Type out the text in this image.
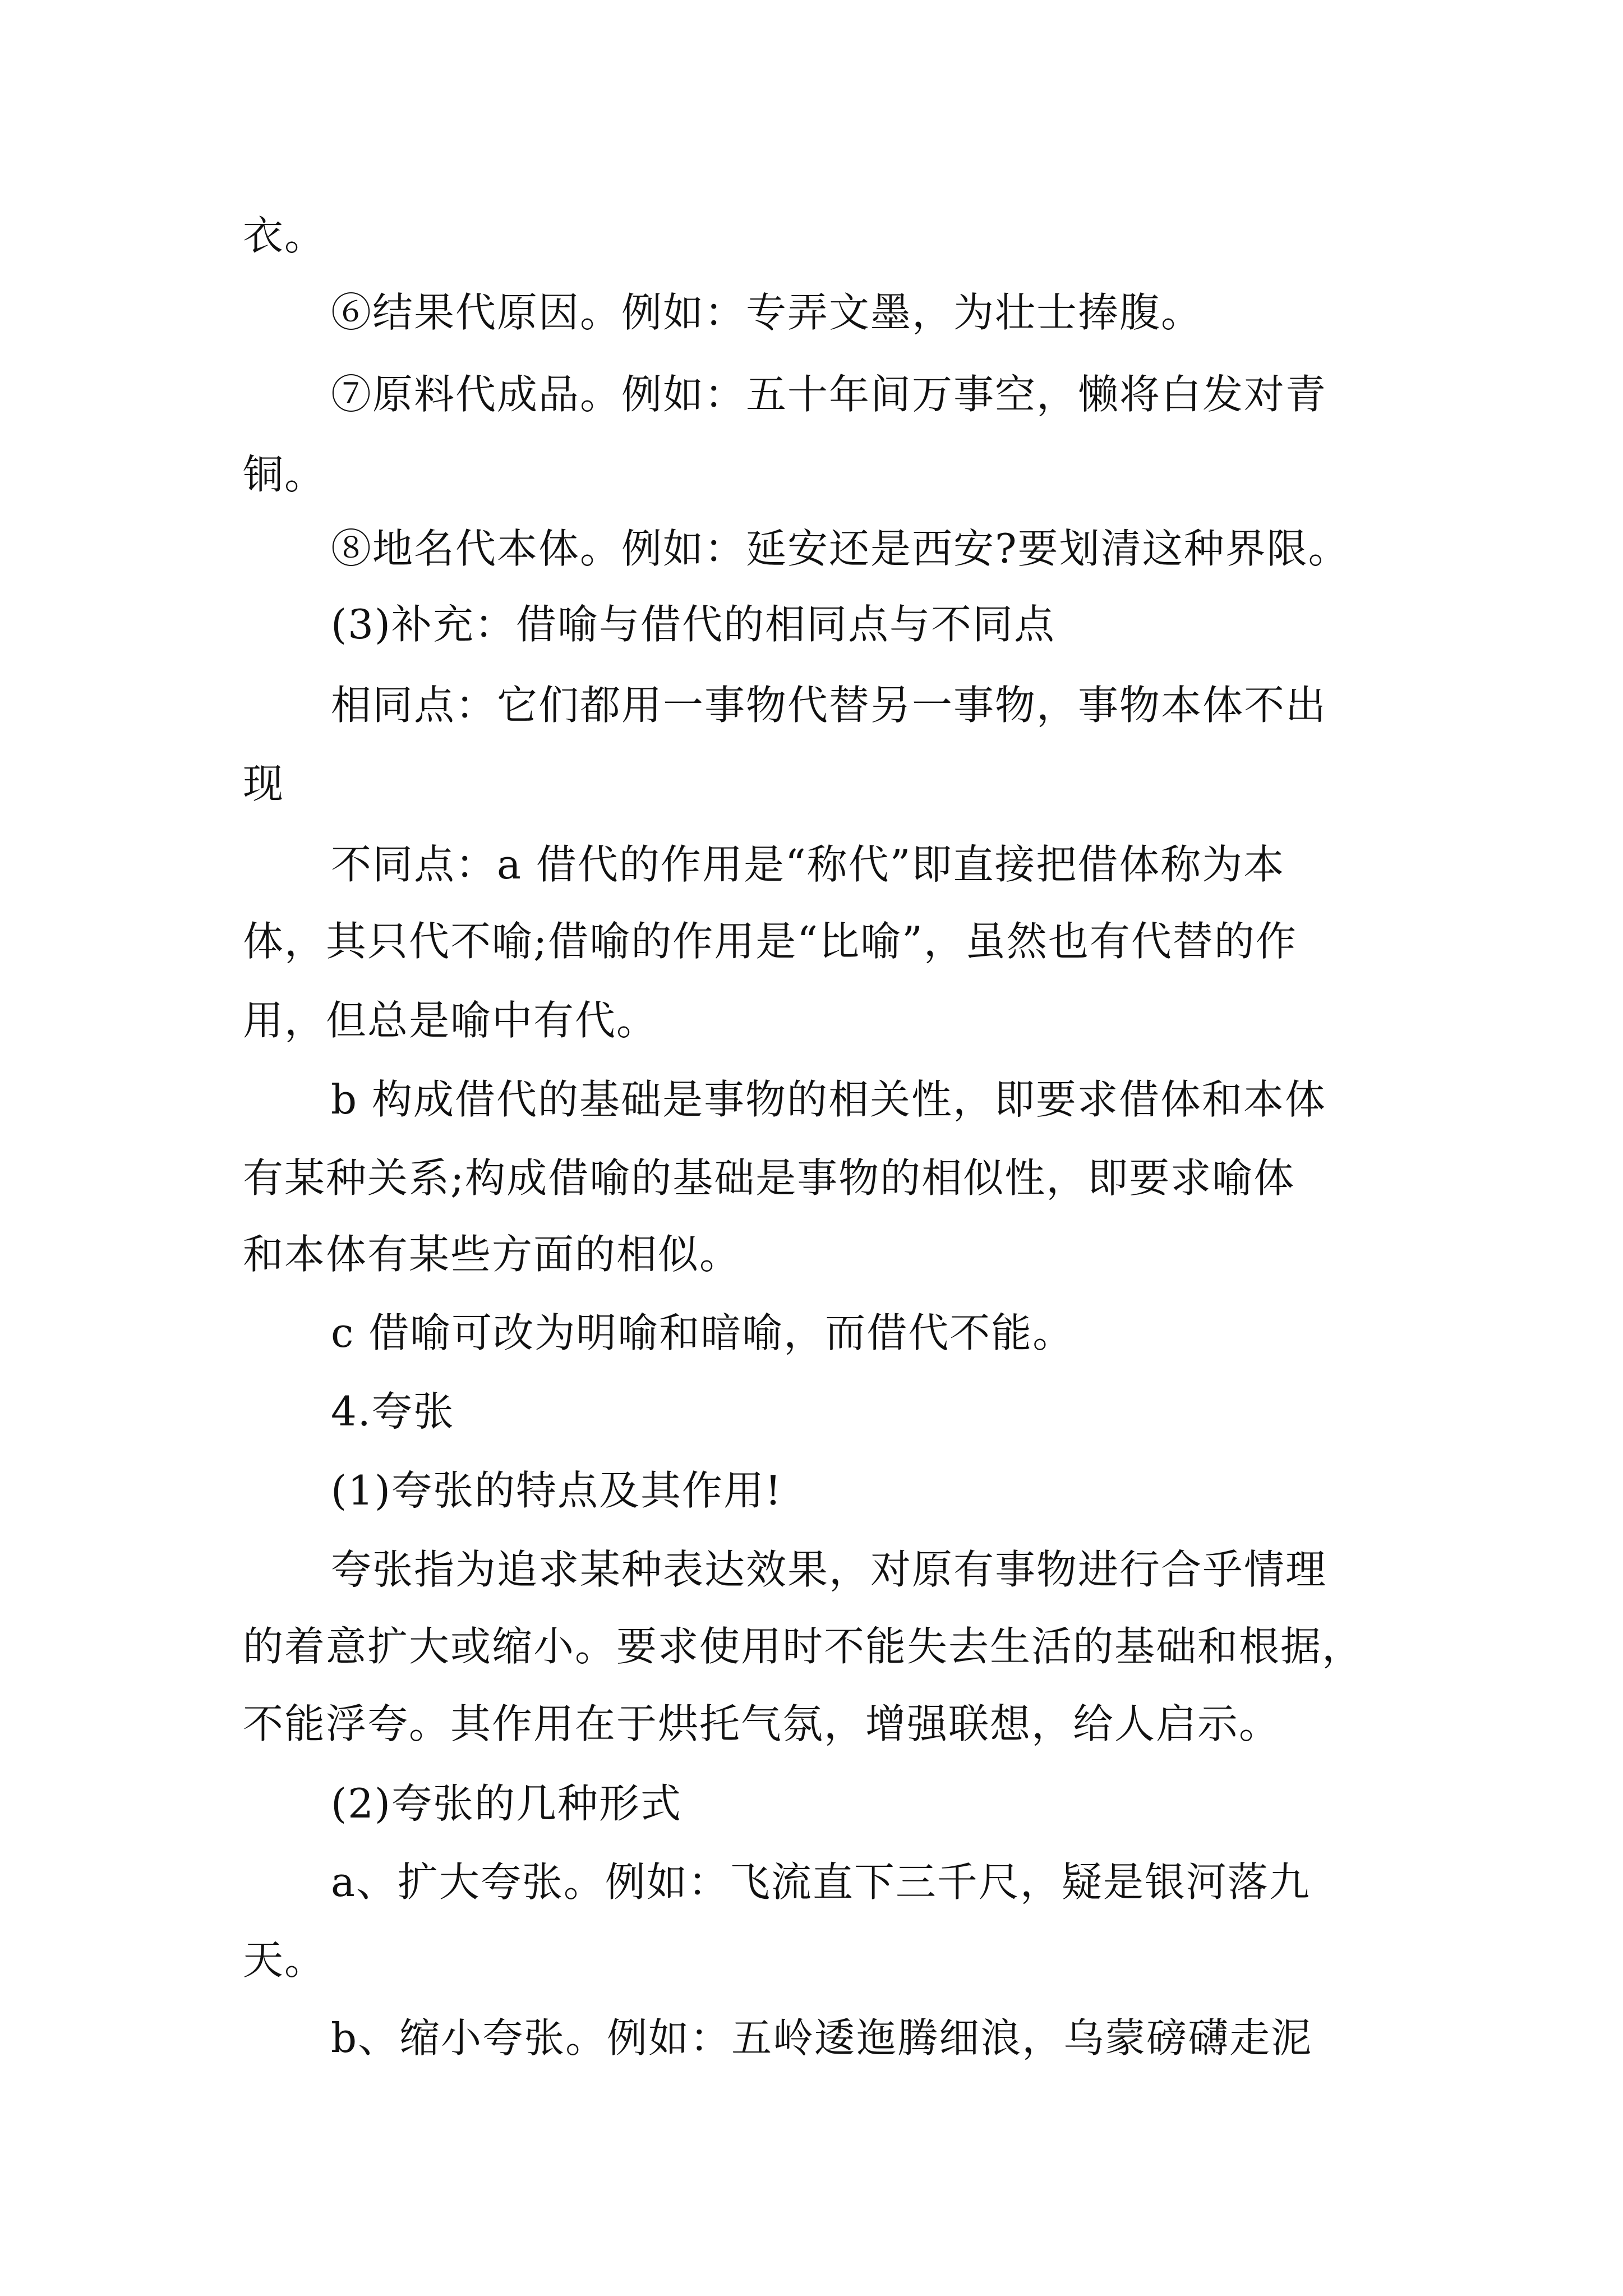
衣。

⑥结果代原因。例如：专弄文墨，为壮士捧腹。

⑦原料代成品。例如：五十年间万事空，懒将白发对青

铜。

⑧地名代本体。例如：延安还是西安?要划清这种界限。

(3)补充：借喻与借代的相同点与不同点

相同点：它们都用一事物代替另一事物，事物本体不出

现

不同点：a 借代的作用是“称代”即直接把借体称为本

体，其只代不喻;借喻的作用是“比喻”，虽然也有代替的作

用，但总是喻中有代。

b 构成借代的基础是事物的相关性，即要求借体和本体

有某种关系;构成借喻的基础是事物的相似性，即要求喻体

和本体有某些方面的相似。

c 借喻可改为明喻和暗喻，而借代不能。

4.夸张

(1)夸张的特点及其作用!

夸张指为追求某种表达效果，对原有事物进行合乎情理

的着意扩大或缩小。要求使用时不能失去生活的基础和根据，

不能浮夸。其作用在于烘托气氛，增强联想，给人启示。

(2)夸张的几种形式

a、扩大夸张。例如：飞流直下三千尺，疑是银河落九

天。

b、缩小夸张。例如：五岭逶迤腾细浪，乌蒙磅礴走泥
